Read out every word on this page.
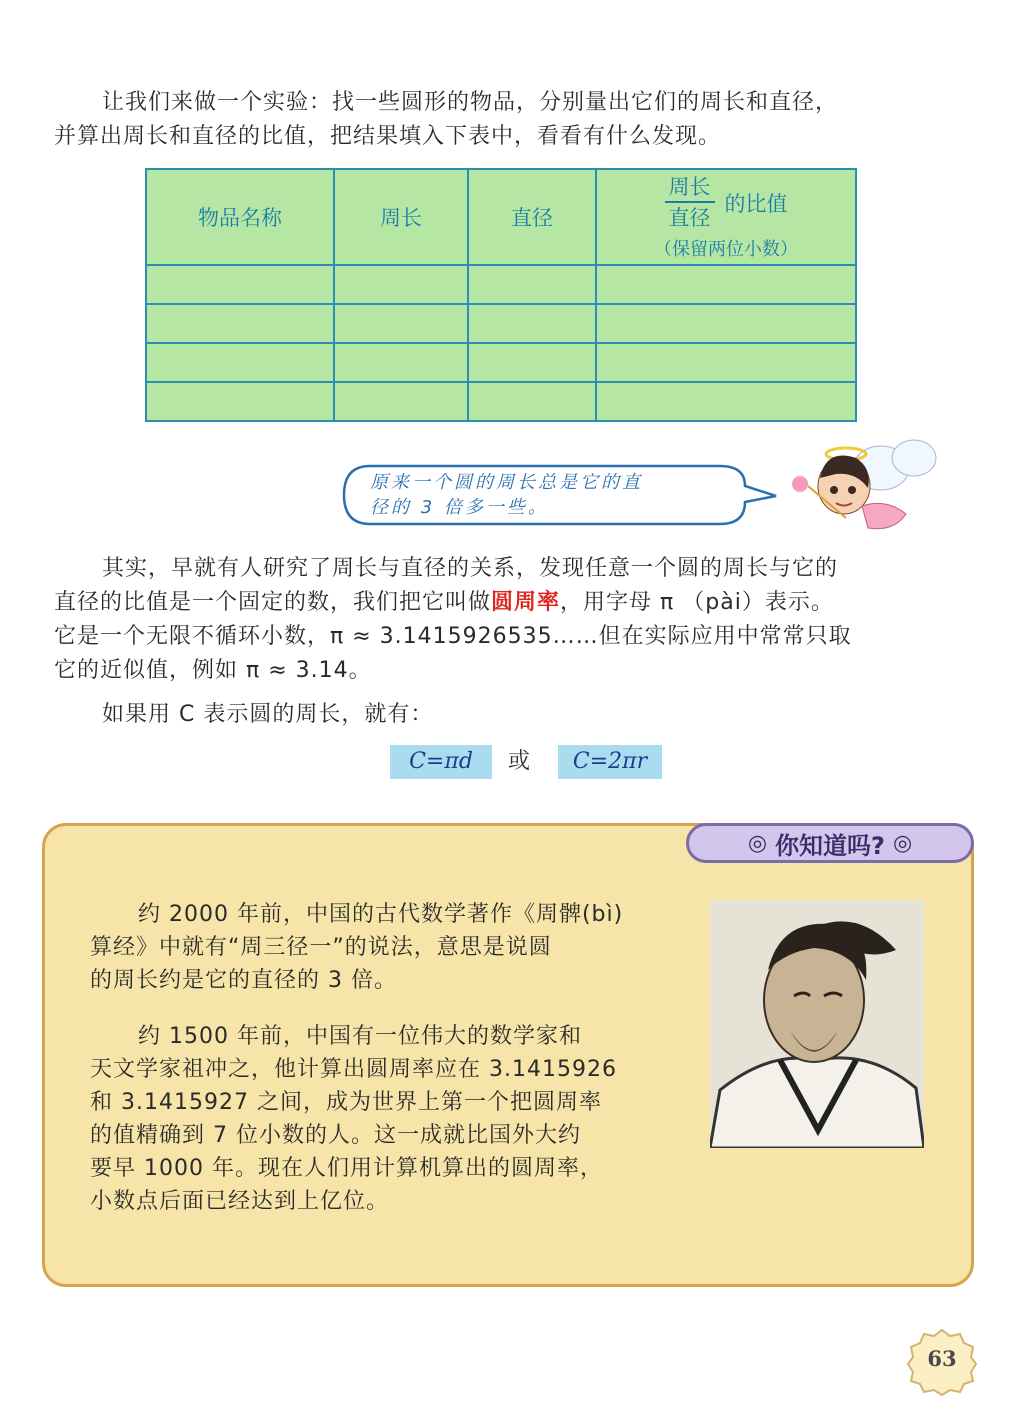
让我们来做一个实验：找一些圆形的物品，分别量出它们的周长和直径，
并算出周长和直径的比值，把结果填入下表中，看看有什么发现。
物品名称	周长	直径	$\frac{\text{周长}}{\text{直径}}$ 的比值
（保留两位小数）

原来一个圆的周长总是它的直
径的 3 倍多一些。
其实，早就有人研究了周长与直径的关系，发现任意一个圆的周长与它的
直径的比值是一个固定的数，我们把它叫做圆周率，用字母 π （pài）表示。
它是一个无限不循环小数，π ≈ 3.1415926535……但在实际应用中常常只取
它的近似值，例如 π ≈ 3.14。
如果用 C 表示圆的周长，就有：
C=πd	或	C=2πr
◎ 你知道吗? ◎
约 2000 年前，中国的古代数学著作《周髀(bì)
算经》中就有“周三径一”的说法，意思是说圆
的周长约是它的直径的 3 倍。
约 1500 年前，中国有一位伟大的数学家和
天文学家祖冲之，他计算出圆周率应在 3.1415926
和 3.1415927 之间，成为世界上第一个把圆周率
的值精确到 7 位小数的人。这一成就比国外大约
要早 1000 年。现在人们用计算机算出的圆周率，
小数点后面已经达到上亿位。
63
